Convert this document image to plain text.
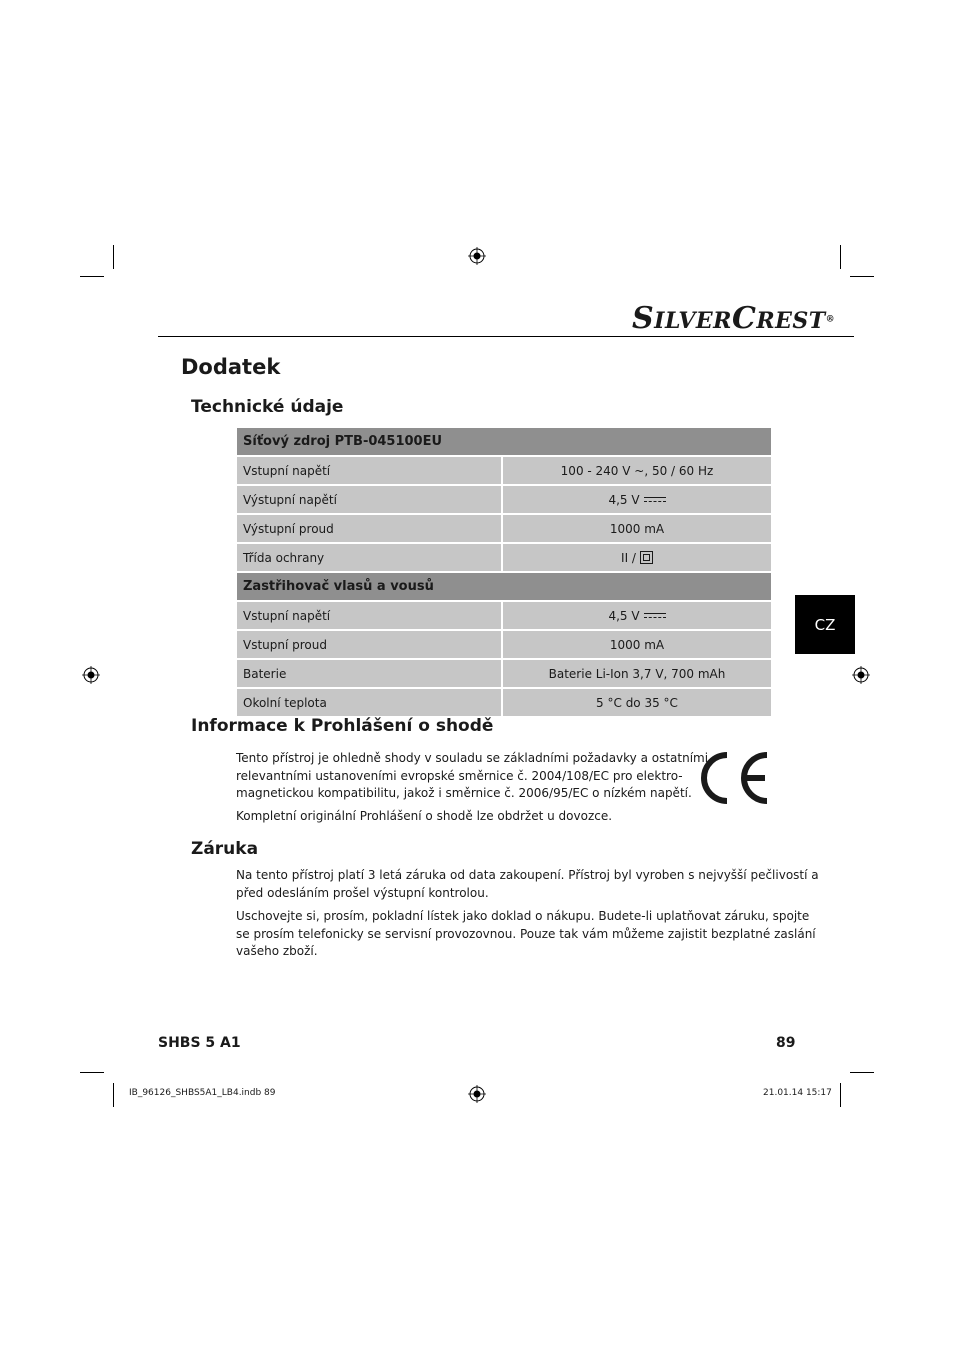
SILVERCREST®
Dodatek
Technické údaje
Síťový zdroj PTB-045100EU
Vstupní napětí	100 - 240 V ~, 50 / 60 Hz
Výstupní napětí	4,5 V
Výstupní proud	1000 mA
Třída ochrany	II /
Zastřihovač vlasů a vousů
Vstupní napětí	4,5 V
Vstupní proud	1000 mA
Baterie	Baterie Li-Ion 3,7 V, 700 mAh
Okolní teplota	5 °C do 35 °C
CZ
Informace k Prohlášení o shodě

Tento přístroj je ohledně shody v souladu se základními požadavky a ostatními
relevantními ustanoveními evropské směrnice č. 2004/108/EC pro elektro-
magnetickou kompatibilitu, jakož i směrnice č. 2006/95/EC o nízkém napětí.

Kompletní originální Prohlášení o shodě lze obdržet u dovozce.

Záruka

Na tento přístroj platí 3 letá záruka od data zakoupení. Přístroj byl vyroben s nejvyšší pečlivostí a
před odesláním prošel výstupní kontrolou.

Uschovejte si, prosím, pokladní lístek jako doklad o nákupu. Budete-li uplatňovat záruku, spojte
se prosím telefonicky se servisní provozovnou. Pouze tak vám můžeme zajistit bezplatné zaslání
vašeho zboží.

SHBS 5 A1	89
IB_96126_SHBS5A1_LB4.indb 89	21.01.14 15:17
